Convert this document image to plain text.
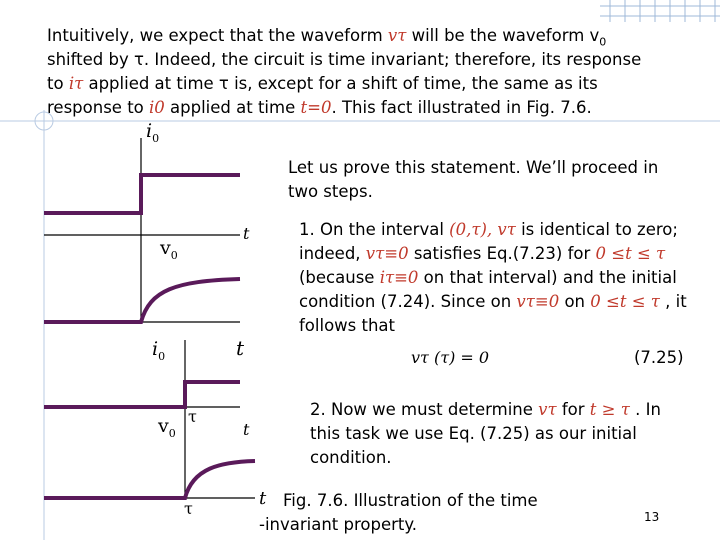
Intuitively, we expect that the waveform vτ will be the waveform $v_0$
shifted by τ. Indeed, the circuit is time invariant; therefore, its response
to iτ applied at time τ is, except for a shift of time, the same as its
response to i0 applied at time t=0. This fact illustrated in Fig. 7.6.
$i_0$
t
$v_0$
$i_0$	t
τ
$v_0$	t
τ	t
Let us prove this statement. We’ll proceed in
two steps.
1. On the interval (0,τ), vτ is identical to zero;
indeed, vτ≡0 satisfies Eq.(7.23) for 0 ≤t ≤ τ
(because iτ≡0 on that interval) and the initial
condition (7.24). Since on vτ≡0 on 0 ≤t ≤ τ , it
follows that
vτ (τ) = 0	(7.25)
2. Now we must determine vτ for t ≥ τ . In
this task we use Eq. (7.25) as our initial
condition.
Fig. 7.6. Illustration of the time
-invariant property.	13
